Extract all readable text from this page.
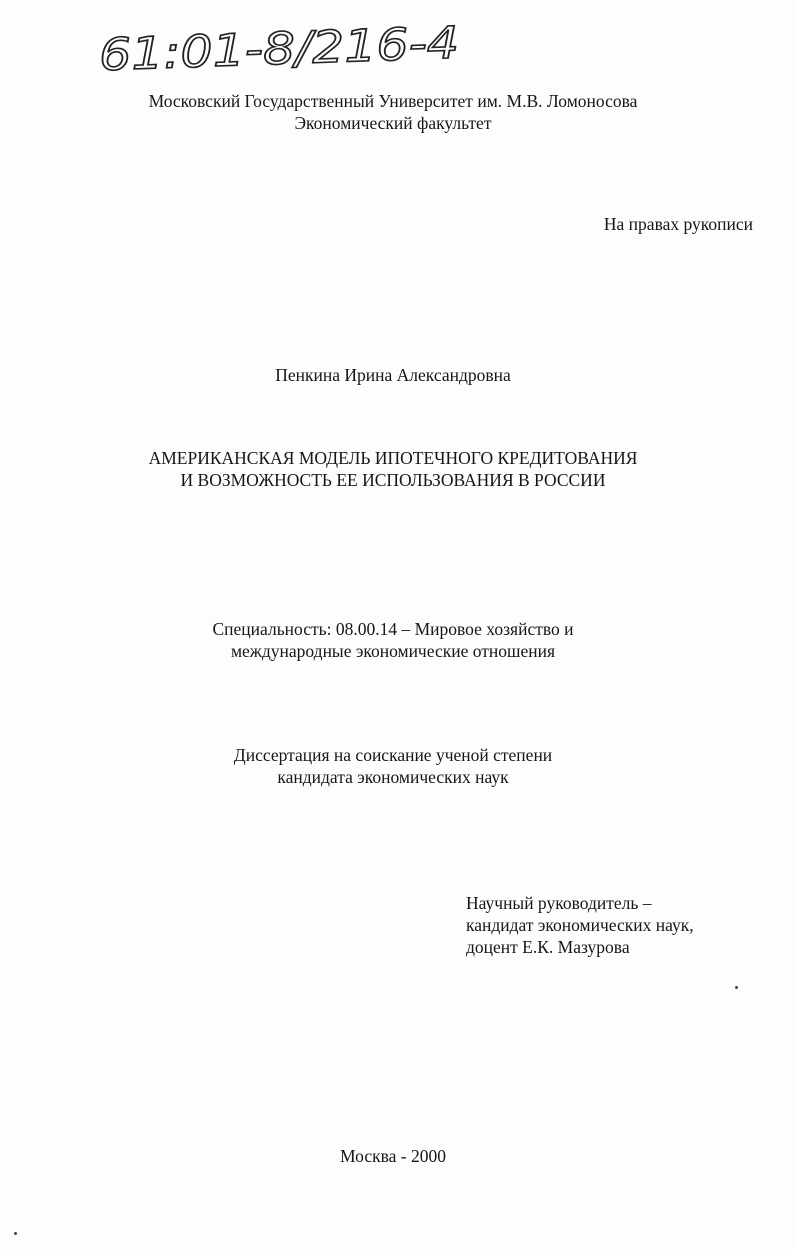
61:01-8/216-4
Московский Государственный Университет им. М.В. Ломоносова
Экономический факультет
На правах рукописи
Пенкина Ирина Александровна
АМЕРИКАНСКАЯ МОДЕЛЬ ИПОТЕЧНОГО КРЕДИТОВАНИЯ
И ВОЗМОЖНОСТЬ ЕЕ ИСПОЛЬЗОВАНИЯ В РОССИИ
Специальность: 08.00.14 – Мировое хозяйство и
международные экономические отношения
Диссертация на соискание ученой степени
кандидата экономических наук
Научный руководитель –
кандидат экономических наук,
доцент Е.К. Мазурова
Москва - 2000
